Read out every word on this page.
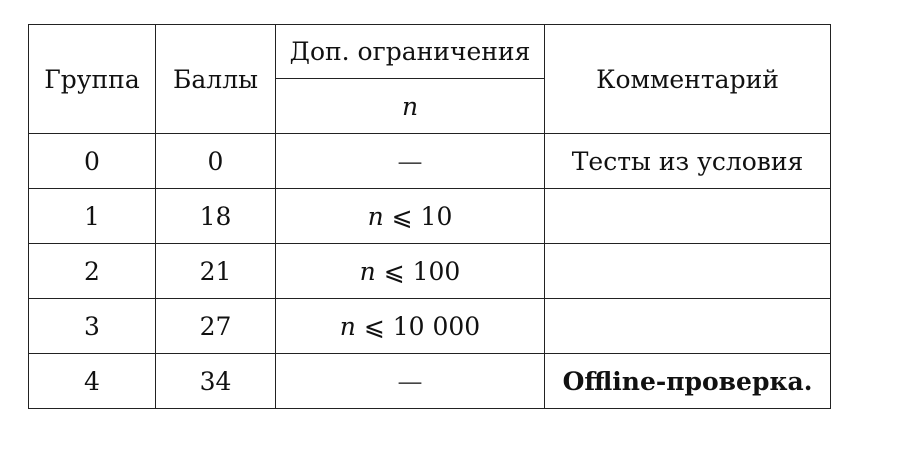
Группа	Баллы	Доп. ограничения	Комментарий
		n	
0	0	—	Тесты из условия
1	18	n ⩽ 10	
2	21	n ⩽ 100	
3	27	n ⩽ 10 000	
4	34	—	Offline-проверка.
